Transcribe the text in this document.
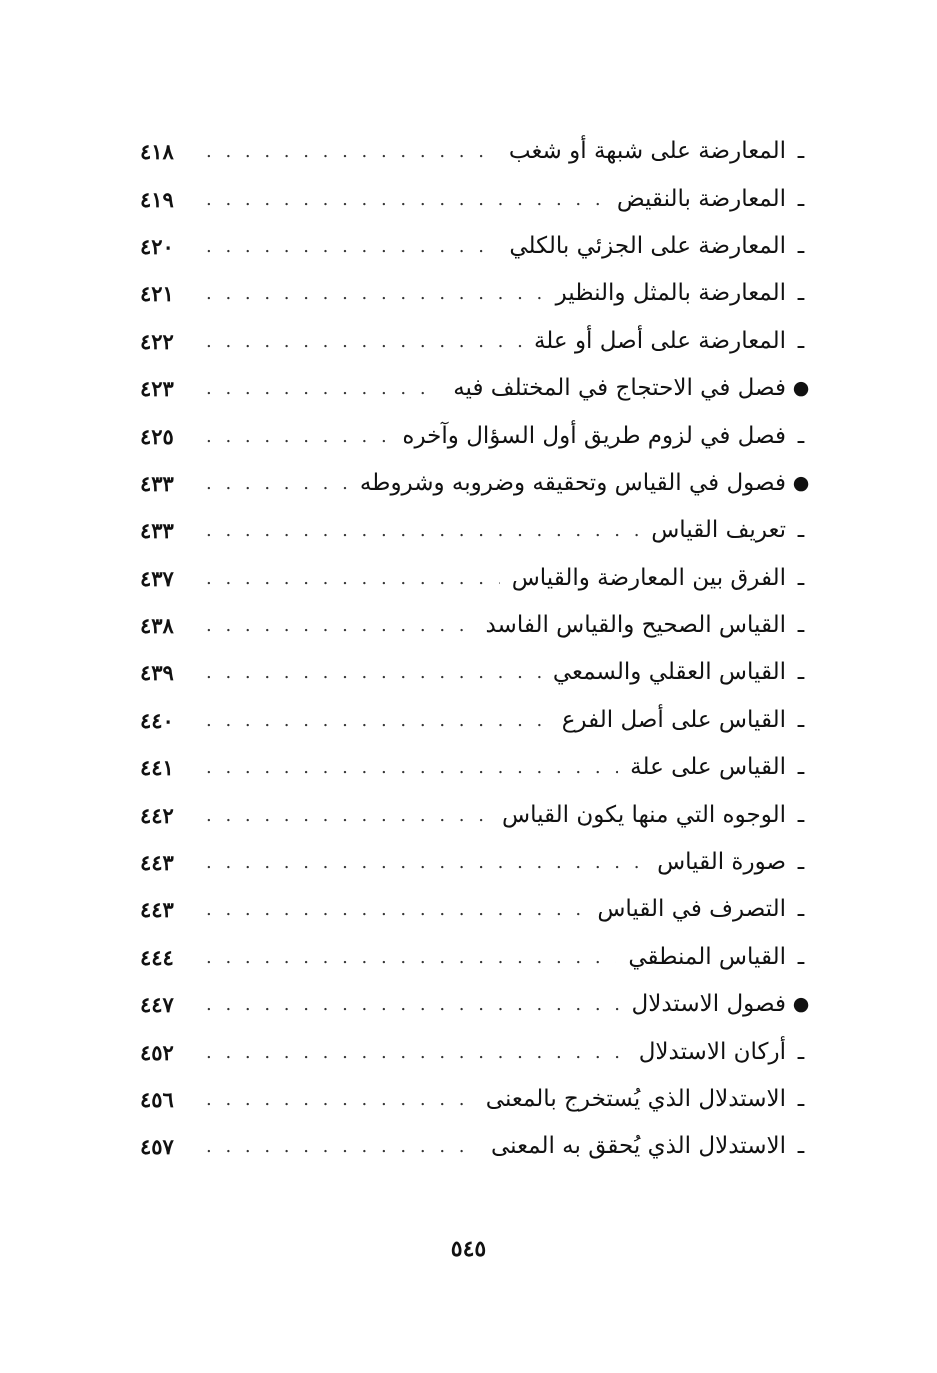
ـ
المعارضة على شبهة أو شغب
. . .
٤١٨
ـ
المعارضة بالنقيض
. . .
٤١٩
ـ
المعارضة على الجزئي بالكلي
. . .
٤٢٠
ـ
المعارضة بالمثل والنظير
. . .
٤٢١
ـ
المعارضة على أصل أو علة
. . .
٤٢٢
●
فصل في الاحتجاج في المختلف فيه
. . .
٤٢٣
ـ
فصل في لزوم طريق أول السؤال وآخره
. . .
٤٢٥
●
فصول في القياس وتحقيقه وضروبه وشروطه
. . .
٤٣٣
ـ
تعريف القياس
. . .
٤٣٣
ـ
الفرق بين المعارضة والقياس
. . .
٤٣٧
ـ
القياس الصحيح والقياس الفاسد
. . .
٤٣٨
ـ
القياس العقلي والسمعي
. . .
٤٣٩
ـ
القياس على أصل الفرع
. . .
٤٤٠
ـ
القياس على علة
. . .
٤٤١
ـ
الوجوه التي منها يكون القياس
. . .
٤٤٢
ـ
صورة القياس
. . .
٤٤٣
ـ
التصرف في القياس
. . .
٤٤٣
ـ
القياس المنطقي
. . .
٤٤٤
●
فصول الاستدلال
. . .
٤٤٧
ـ
أركان الاستدلال
. . .
٤٥٢
ـ
الاستدلال الذي يُستخرج بالمعنى
. . .
٤٥٦
ـ
الاستدلال الذي يُحقق به المعنى
. . .
٤٥٧
٥٤٥
